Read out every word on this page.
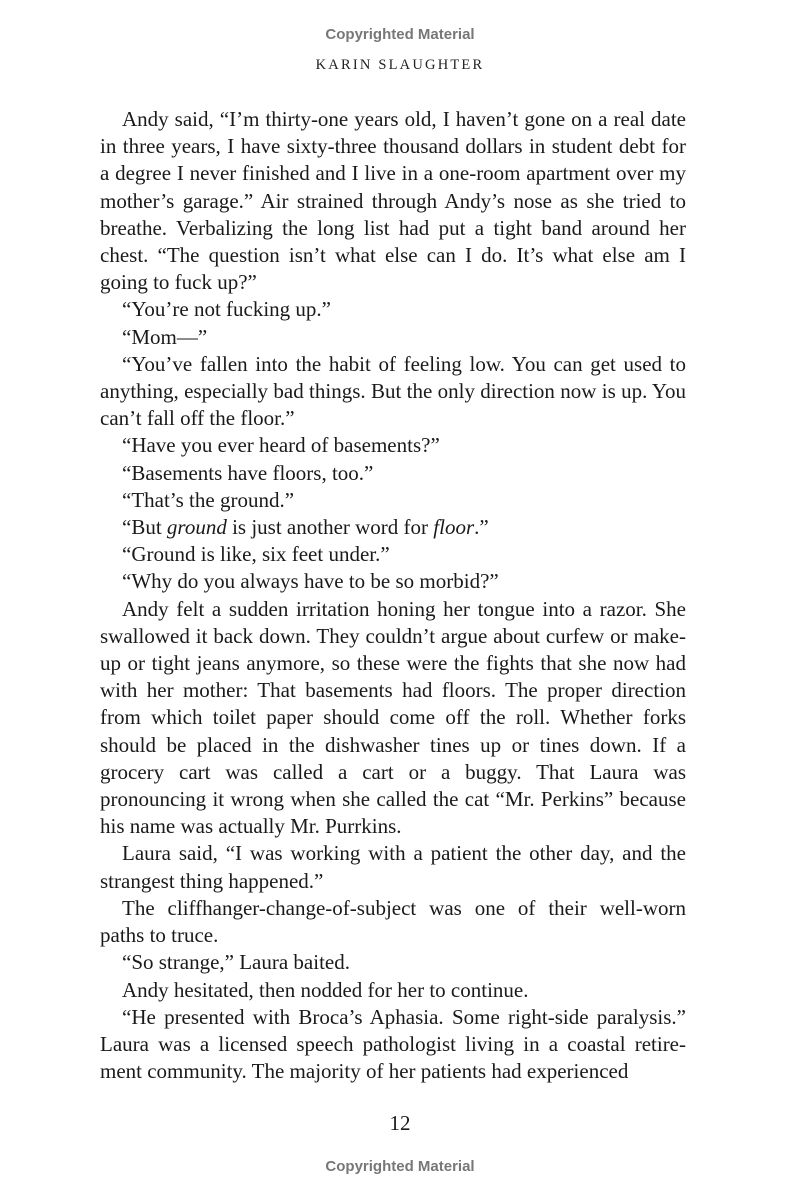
Copyrighted Material

KARIN SLAUGHTER

Andy said, “I’m thirty-one years old, I haven’t gone on a real date in three years, I have sixty-three thousand dollars in student debt for a degree I never finished and I live in a one-room apartment over my mother’s garage.” Air strained through Andy’s nose as she tried to breathe. Verbalizing the long list had put a tight band around her chest. “The question isn’t what else can I do. It’s what else am I going to fuck up?”

“You’re not fucking up.”

“Mom—”

“You’ve fallen into the habit of feeling low. You can get used to anything, especially bad things. But the only direction now is up. You can’t fall off the floor.”

“Have you ever heard of basements?”

“Basements have floors, too.”

“That’s the ground.”

“But ground is just another word for floor.”

“Ground is like, six feet under.”

“Why do you always have to be so morbid?”

Andy felt a sudden irritation honing her tongue into a razor. She swallowed it back down. They couldn’t argue about curfew or make-up or tight jeans anymore, so these were the fights that she now had with her mother: That basements had floors. The proper direction from which toilet paper should come off the roll. Whether forks should be placed in the dishwasher tines up or tines down. If a grocery cart was called a cart or a buggy. That Laura was pronouncing it wrong when she called the cat “Mr. Perkins” because his name was actually Mr. Purrkins.

Laura said, “I was working with a patient the other day, and the strangest thing happened.”

The cliffhanger-change-of-subject was one of their well-worn paths to truce.

“So strange,” Laura baited.

Andy hesitated, then nodded for her to continue.

“He presented with Broca’s Aphasia. Some right-side paralysis.” Laura was a licensed speech pathologist living in a coastal retire-ment community. The majority of her patients had experienced

12

Copyrighted Material
